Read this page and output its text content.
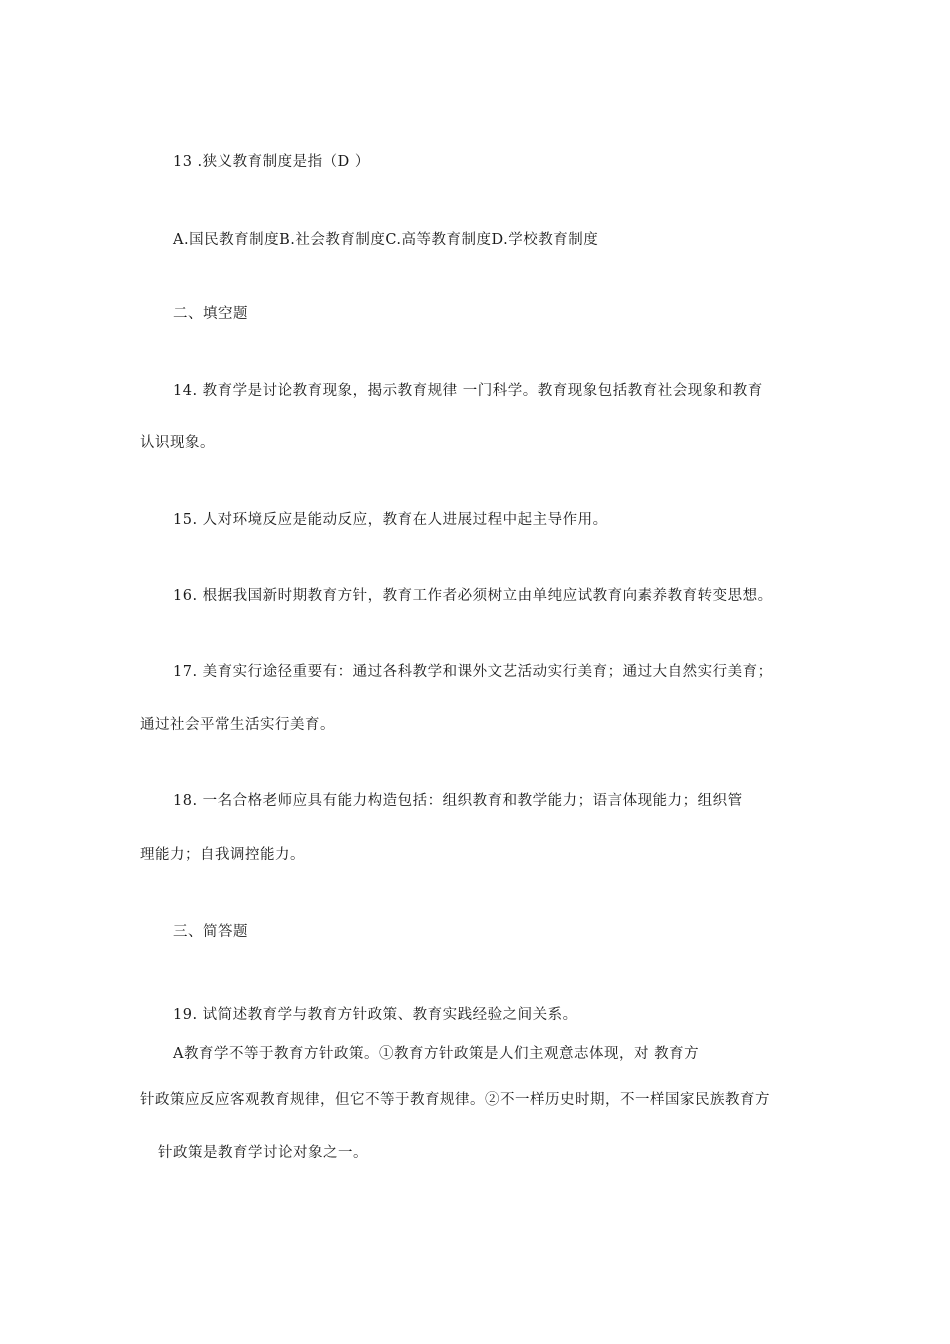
13 .狭义教育制度是指（D ）
A.国民教育制度B.社会教育制度C.高等教育制度D.学校教育制度
二、填空题
14. 教育学是讨论教育现象，揭示教育规律 一门科学。教育现象包括教育社会现象和教育
认识现象。
15. 人对环境反应是能动反应，教育在人进展过程中起主导作用。
16. 根据我国新时期教育方针，教育工作者必须树立由单纯应试教育向素养教育转变思想。
17. 美育实行途径重要有：通过各科教学和课外文艺活动实行美育；通过大自然实行美育；
通过社会平常生活实行美育。
18. 一名合格老师应具有能力构造包括：组织教育和教学能力；语言体现能力；组织管
理能力；自我调控能力。
三、简答题
19. 试简述教育学与教育方针政策、教育实践经验之间关系。
A教育学不等于教育方针政策。①教育方针政策是人们主观意志体现，对 教育方
针政策应反应客观教育规律，但它不等于教育规律。②不一样历史时期，不一样国家民族教育方
针政策是教育学讨论对象之一。
